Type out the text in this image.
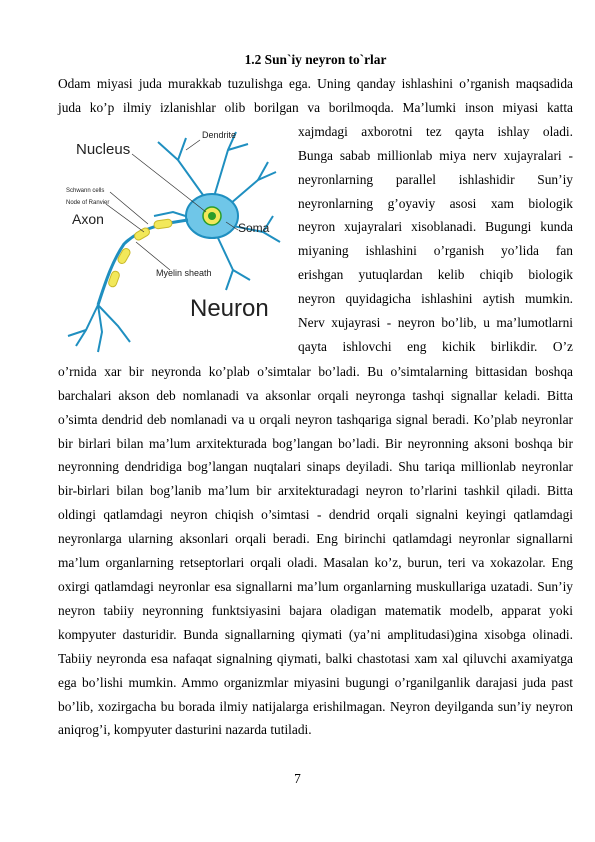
1.2 Sun`iy neyron to`rlar

Odam miyasi juda murakkab tuzulishga ega. Uning qanday ishlashini o’rganish maqsadida

juda ko’p ilmiy izlanishlar olib borilgan va borilmoqda. Ma’lumki inson miyasi katta

Dendrite
Nucleus
Schwann cells
Node of Ranvier
Axon
Soma
Myelin sheath
Neuron
xajmdagi axborotni tez qayta ishlay oladi.
Bunga sabab millionlab miya nerv xujayralari -
neyronlarning parallel ishlashidir Sun’iy
neyronlarning g’oyaviy asosi xam biologik
neyron xujayralari xisoblanadi. Bugungi kunda
miyaning ishlashini o’rganish yo’lida fan
erishgan yutuqlardan kelib chiqib biologik
neyron quyidagicha ishlashini aytish mumkin.
Nerv xujayrasi - neyron bo’lib, u ma’lumotlarni
qayta ishlovchi eng kichik birlikdir. O’z

o’rnida xar bir neyronda ko’plab o’simtalar bo’ladi. Bu o’simtalarning bittasidan boshqa barchalari akson deb nomlanadi va aksonlar orqali neyronga tashqi signallar keladi. Bitta o’simta dendrid deb nomlanadi va u orqali neyron tashqariga signal beradi. Ko’plab neyronlar bir birlari bilan ma’lum arxitekturada bog’langan bo’ladi. Bir neyronning aksoni boshqa bir neyronning dendridiga bog’langan nuqtalari sinaps deyiladi. Shu tariqa millionlab neyronlar bir-birlari bilan bog’lanib ma’lum bir arxitekturadagi neyron to’rlarini tashkil qiladi. Bitta oldingi qatlamdagi neyron chiqish o’simtasi - dendrid orqali signalni keyingi qatlamdagi neyronlarga ularning aksonlari orqali beradi. Eng birinchi qatlamdagi neyronlar signallarni ma’lum organlarning retseptorlari orqali oladi. Masalan ko’z, burun, teri va xokazolar. Eng oxirgi qatlamdagi neyronlar esa signallarni ma’lum organlarning muskullariga uzatadi. Sun’iy neyron tabiiy neyronning funktsiyasini bajara oladigan matematik modelb, apparat yoki kompyuter dasturidir. Bunda signallarning qiymati (ya’ni amplitudasi)gina xisobga olinadi. Tabiiy neyronda esa nafaqat signalning qiymati, balki chastotasi xam xal qiluvchi axamiyatga ega bo’lishi mumkin. Ammo organizmlar miyasini bugungi o’rganilganlik darajasi juda past bo’lib, xozirgacha bu borada ilmiy natijalarga erishilmagan. Neyron deyilganda sun’iy neyron aniqrog’i, kompyuter dasturini nazarda tutiladi.

7
